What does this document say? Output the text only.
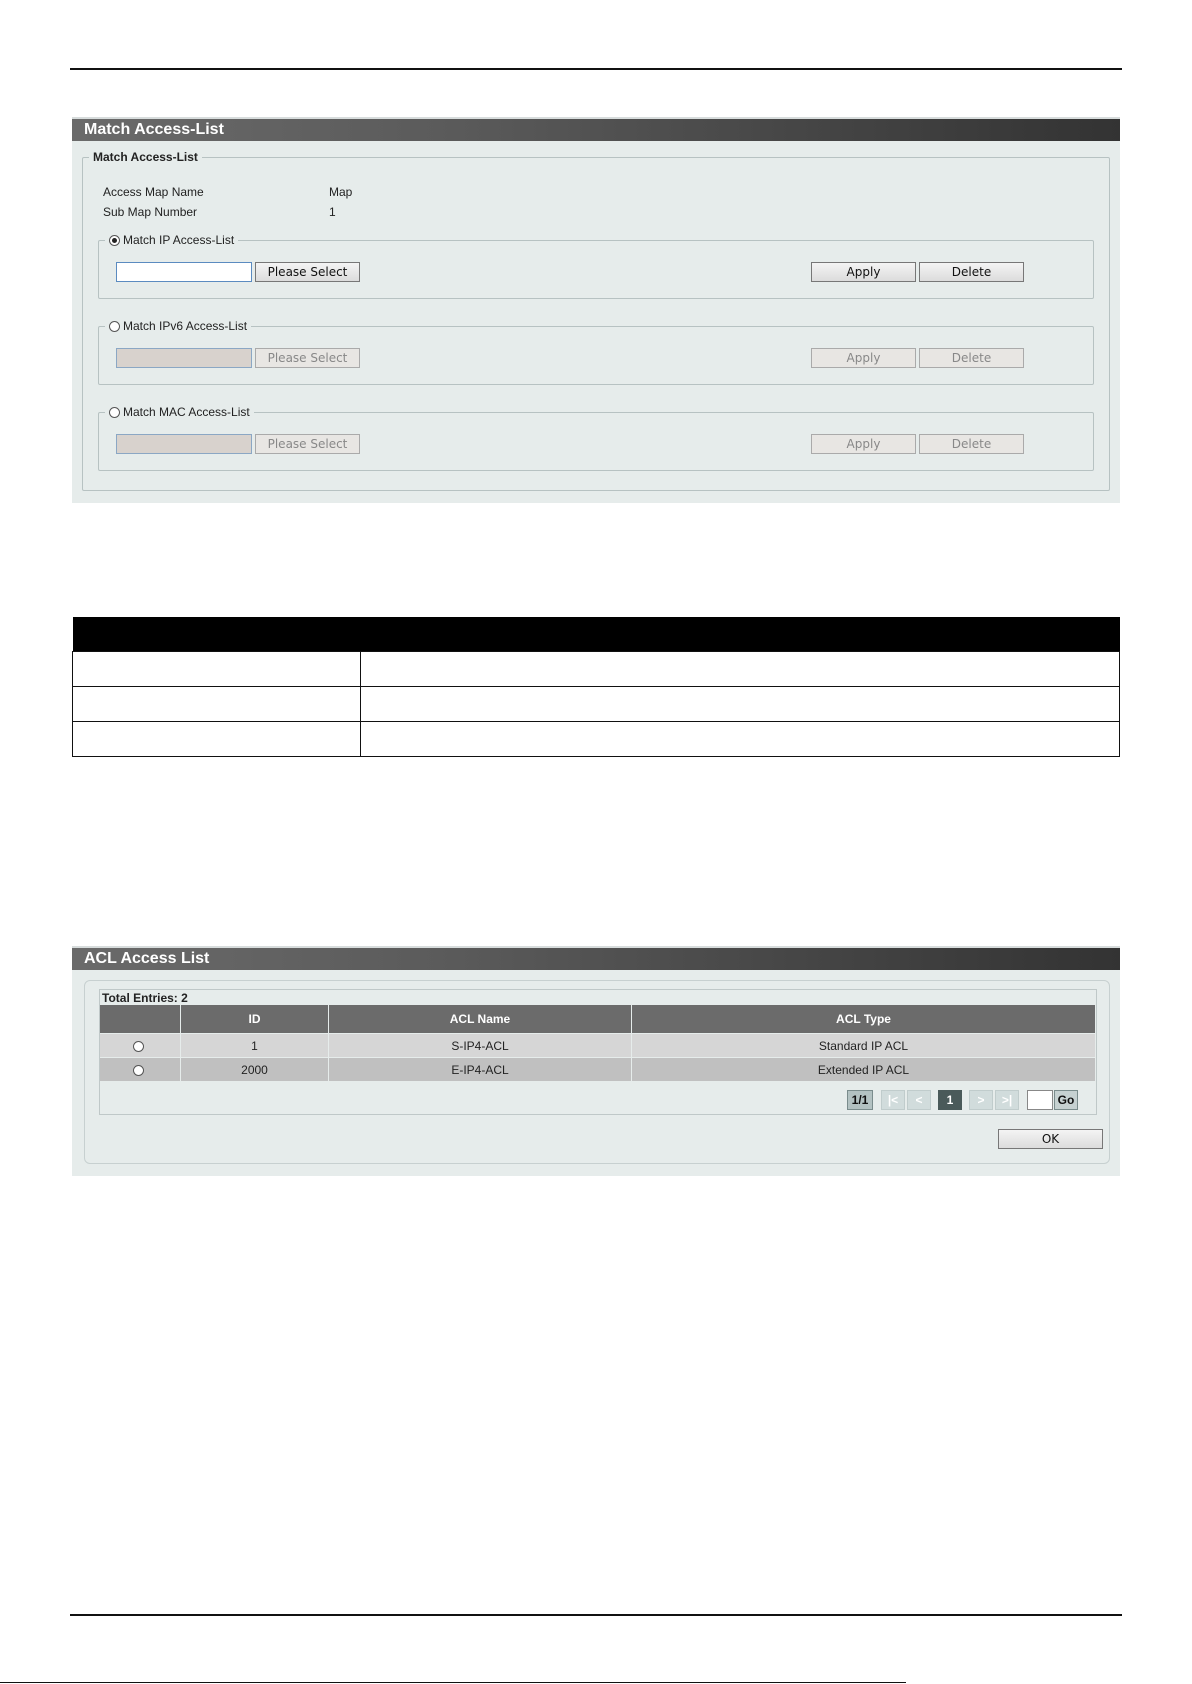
Match Access-List
Match Access-List
Access Map Name	Map
Sub Map Number	1
Match IP Access-List
Please Select	Apply	Delete
Match IPv6 Access-List
Please Select	Apply	Delete
Match MAC Access-List
Please Select	Apply	Delete

ACL Access List
Total Entries: 2
	ID	ACL Name	ACL Type
	1	S-IP4-ACL	Standard IP ACL
	2000	E-IP4-ACL	Extended IP ACL
1/1	|<	<	1	>	>|	Go
OK
